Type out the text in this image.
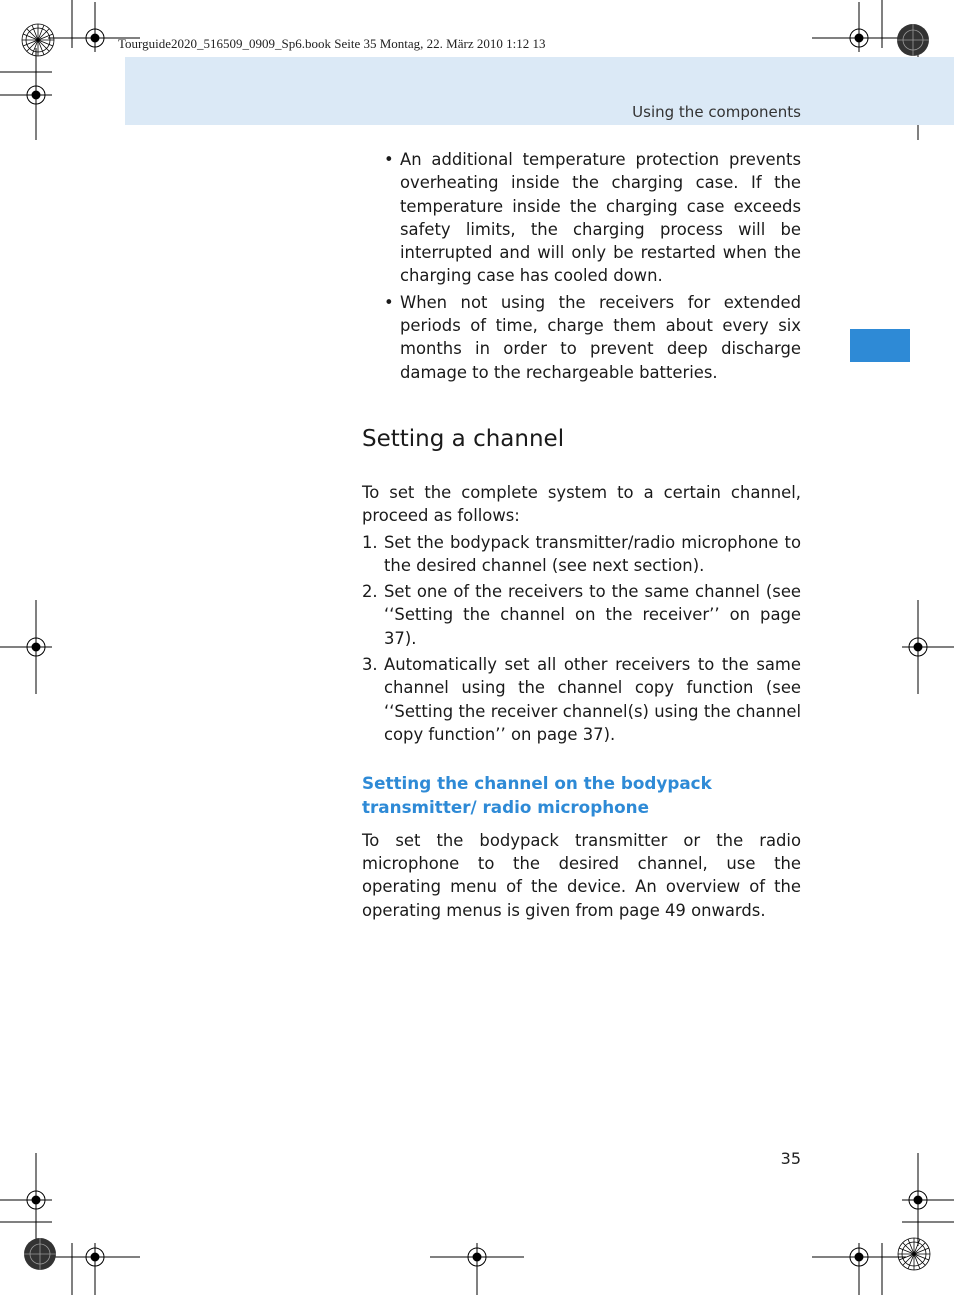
Tourguide2020_516509_0909_Sp6.book Seite 35 Montag, 22. März 2010 1:12 13
Using the components
• An additional temperature protection prevents overheating inside the charging case. If the temperature inside the charging case exceeds safety limits, the charging process will be interrupted and will only be restarted when the charging case has cooled down.
• When not using the receivers for extended periods of time, charge them about every six months in order to prevent deep discharge damage to the rechargeable batteries.
Setting a channel

To set the complete system to a certain channel, proceed as follows:

1. Set the bodypack transmitter/radio microphone to the desired channel (see next section).
2. Set one of the receivers to the same channel (see ‘‘Setting the channel on the receiver’’ on page 37).
3. Automatically set all other receivers to the same channel using the channel copy function (see ‘‘Setting the receiver channel(s) using the channel copy function’’ on page 37).
Setting the channel on the bodypack transmitter/ radio microphone

To set the bodypack transmitter or the radio microphone to the desired channel, use the operating menu of the device. An overview of the operating menus is given from page 49 onwards.

35
